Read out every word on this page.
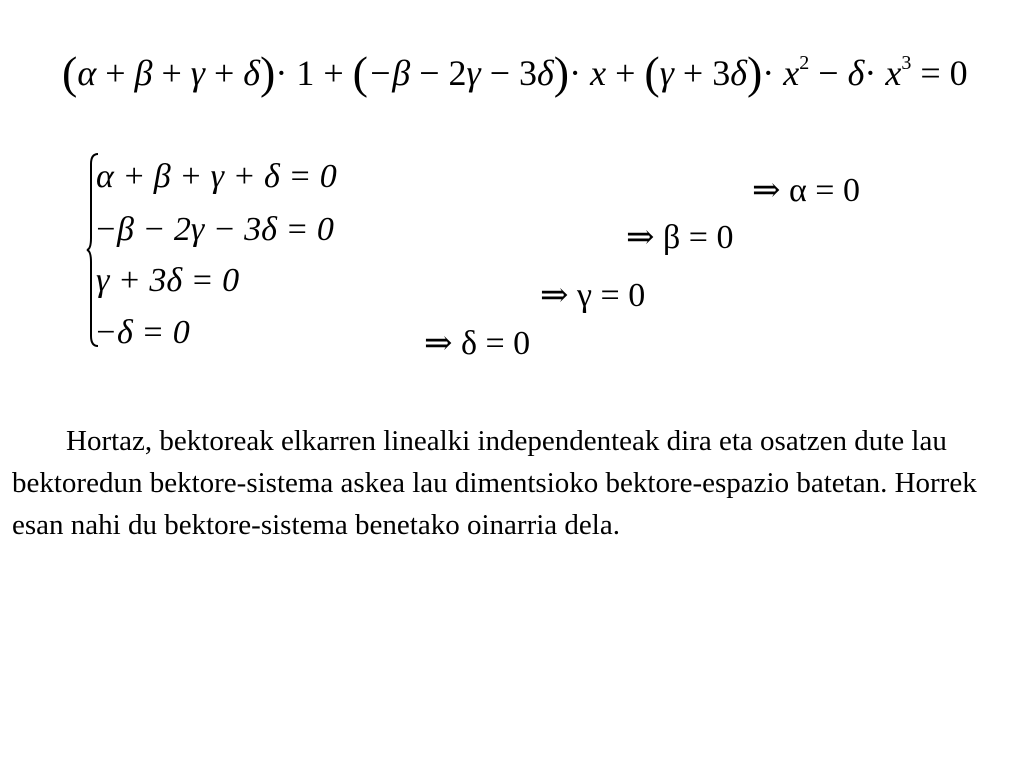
$(\alpha + \beta + \gamma + \delta)\cdot 1 + (-\beta - 2\gamma - 3\delta)\cdot x + (\gamma + 3\delta)\cdot x^2 - \delta\cdot x^3 = 0$
α + β + γ + δ = 0
−β − 2γ − 3δ = 0
γ + 3δ = 0
−δ = 0
⇒ α = 0
⇒ β = 0
⇒ γ = 0
⇒ δ = 0
Hortaz, bektoreak elkarren linealki independenteak dira eta osatzen dute lau bektoredun bektore-sistema askea lau dimentsioko bektore-espazio batetan. Horrek esan nahi du bektore-sistema benetako oinarria dela.
